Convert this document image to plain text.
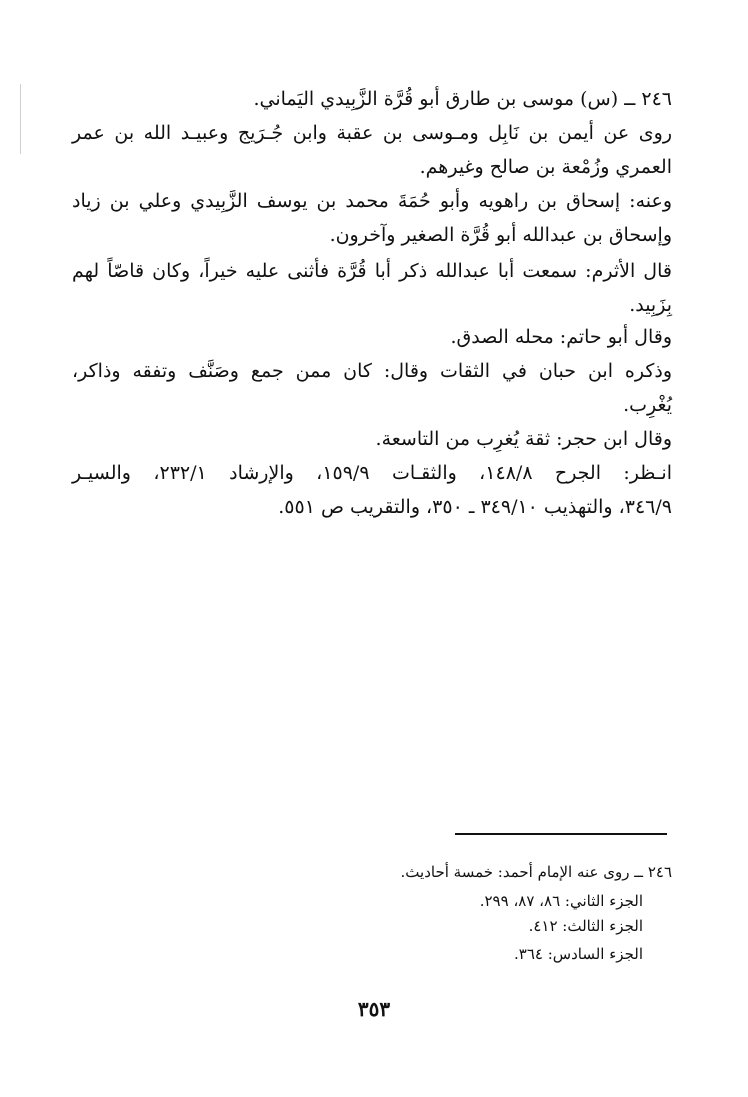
٢٤٦ ــ (س) موسى بن طارق أبو قُرَّة الزَّبِيدي اليَماني.
روى عن أيمن بن نَابِل ومـوسى بن عقبة وابن جُـرَيج وعبيـد الله بن عمر
العمري وزُمْعة بن صالح وغيرهم.
وعنه: إسحاق بن راهويه وأبو حُمَةَ محمد بن يوسف الزَّبِيدي وعلي بن زياد
وإسحاق بن عبدالله أبو قُرَّة الصغير وآخرون.
قال الأثرم: سمعت أبا عبدالله ذكر أبا قُرَّة فأثنى عليه خيراً، وكان قاصّاً لهم
بِزَبِيد.
وقال أبو حاتم: محله الصدق.
وذكره ابن حبان في الثقات وقال: كان ممن جمع وصَنَّف وتفقه وذاكر،
يُغْرِب.
وقال ابن حجر: ثقة يُغرِب من التاسعة.
انـظر: الجرح ١٤٨/٨، والثقـات ١٥٩/٩، والإرشاد ٢٣٢/١، والسيـر
٣٤٦/٩، والتهذيب ٣٤٩/١٠ ـ ٣٥٠، والتقريب ص ٥٥١.
٢٤٦ ــ روى عنه الإمام أحمد: خمسة أحاديث.
الجزء الثاني: ٨٦، ٨٧، ٢٩٩.
الجزء الثالث: ٤١٢.
الجزء السادس: ٣٦٤.
٣٥٣
